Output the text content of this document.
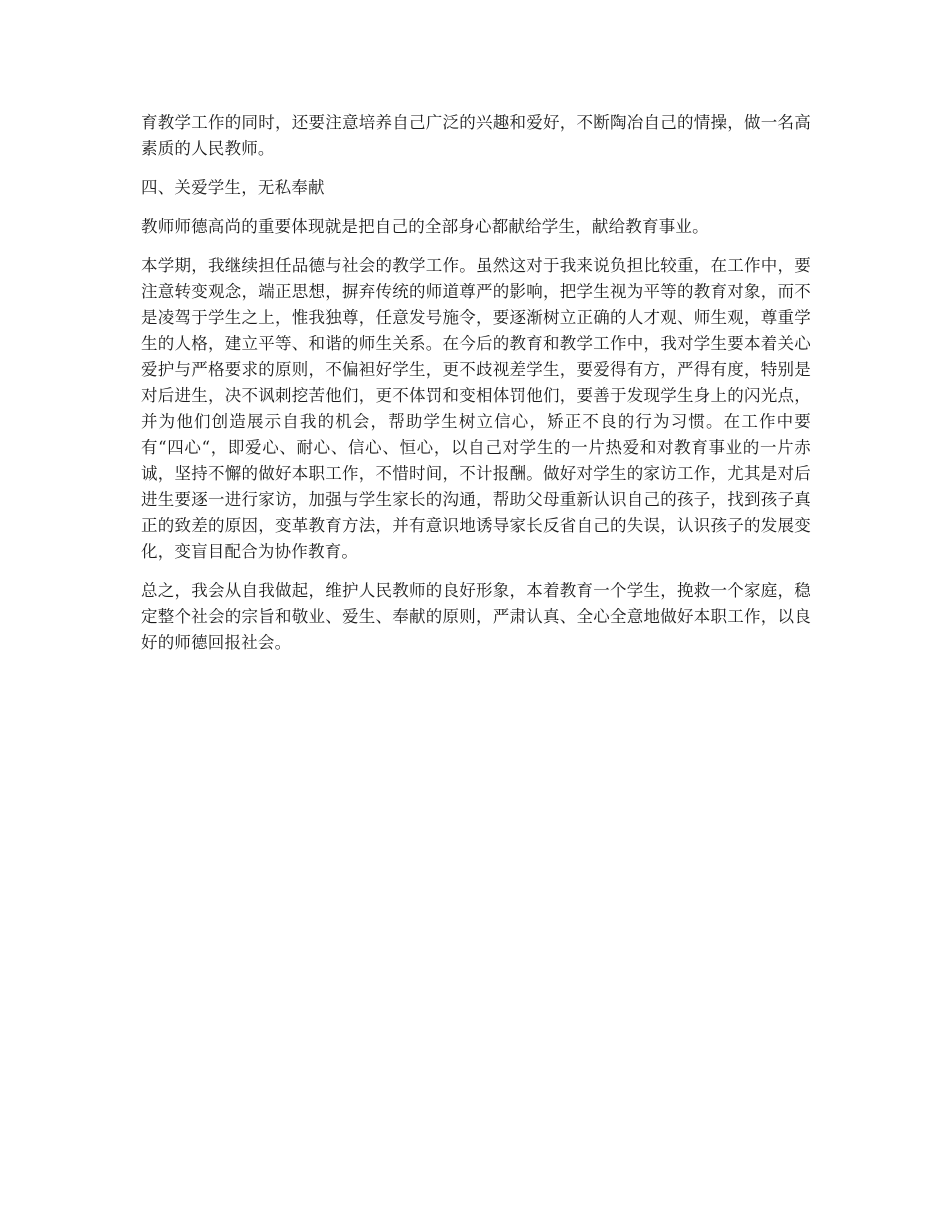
育教学工作的同时，还要注意培养自己广泛的兴趣和爱好，不断陶冶自己的情操，做一名高素质的人民教师。

四、关爱学生，无私奉献

教师师德高尚的重要体现就是把自己的全部身心都献给学生，献给教育事业。

本学期，我继续担任品德与社会的教学工作。虽然这对于我来说负担比较重，在工作中，要注意转变观念，端正思想，摒弃传统的师道尊严的影响，把学生视为平等的教育对象，而不是凌驾于学生之上，惟我独尊，任意发号施令，要逐渐树立正确的人才观、师生观，尊重学生的人格，建立平等、和谐的师生关系。在今后的教育和教学工作中，我对学生要本着关心爱护与严格要求的原则，不偏袒好学生，更不歧视差学生，要爱得有方，严得有度，特别是对后进生，决不讽刺挖苦他们，更不体罚和变相体罚他们，要善于发现学生身上的闪光点，并为他们创造展示自我的机会，帮助学生树立信心，矫正不良的行为习惯。在工作中要有“四心“，即爱心、耐心、信心、恒心，以自己对学生的一片热爱和对教育事业的一片赤诚，坚持不懈的做好本职工作，不惜时间，不计报酬。做好对学生的家访工作，尤其是对后进生要逐一进行家访，加强与学生家长的沟通，帮助父母重新认识自己的孩子，找到孩子真正的致差的原因，变革教育方法，并有意识地诱导家长反省自己的失误，认识孩子的发展变化，变盲目配合为协作教育。

总之，我会从自我做起，维护人民教师的良好形象，本着教育一个学生，挽救一个家庭，稳定整个社会的宗旨和敬业、爱生、奉献的原则，严肃认真、全心全意地做好本职工作，以良好的师德回报社会。
